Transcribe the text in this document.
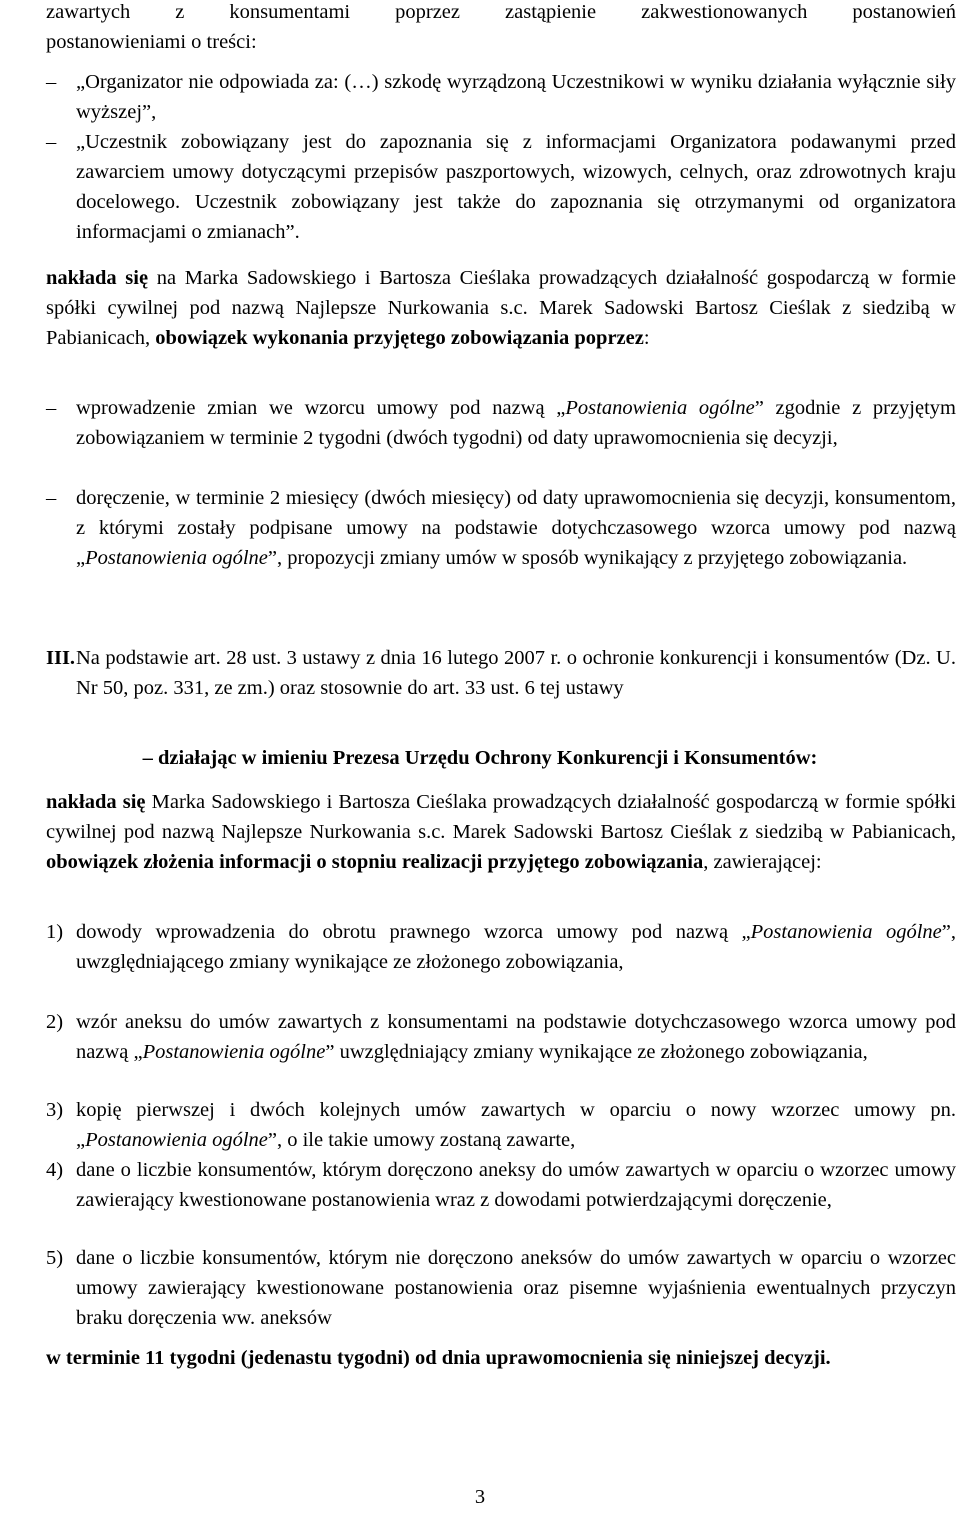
zawartych z konsumentami poprzez zastąpienie zakwestionowanych postanowień
postanowieniami o treści:
– „Organizator nie odpowiada za: (…) szkodę wyrządzoną Uczestnikowi w wyniku działania wyłącznie siły wyższej”,
– „Uczestnik zobowiązany jest do zapoznania się z informacjami Organizatora podawanymi przed zawarciem umowy dotyczącymi przepisów paszportowych, wizowych, celnych, oraz zdrowotnych kraju docelowego. Uczestnik zobowiązany jest także do zapoznania się otrzymanymi od organizatora informacjami o zmianach”.
nakłada się na Marka Sadowskiego i Bartosza Cieślaka prowadzących działalność gospodarczą w formie spółki cywilnej pod nazwą Najlepsze Nurkowania s.c. Marek Sadowski Bartosz Cieślak z siedzibą w Pabianicach, obowiązek wykonania przyjętego zobowiązania poprzez:
– wprowadzenie zmian we wzorcu umowy pod nazwą „Postanowienia ogólne” zgodnie z przyjętym zobowiązaniem w terminie 2 tygodni (dwóch tygodni) od daty uprawomocnienia się decyzji,
– doręczenie, w terminie 2 miesięcy (dwóch miesięcy) od daty uprawomocnienia się decyzji, konsumentom, z którymi zostały podpisane umowy na podstawie dotychczasowego wzorca umowy pod nazwą „Postanowienia ogólne”, propozycji zmiany umów w sposób wynikający z przyjętego zobowiązania.
III. Na podstawie art. 28 ust. 3 ustawy z dnia 16 lutego 2007 r. o ochronie konkurencji i konsumentów (Dz. U. Nr 50, poz. 331, ze zm.) oraz stosownie do art. 33 ust. 6 tej ustawy
– działając w imieniu Prezesa Urzędu Ochrony Konkurencji i Konsumentów:
nakłada się Marka Sadowskiego i Bartosza Cieślaka prowadzących działalność gospodarczą w formie spółki cywilnej pod nazwą Najlepsze Nurkowania s.c. Marek Sadowski Bartosz Cieślak z siedzibą w Pabianicach, obowiązek złożenia informacji o stopniu realizacji przyjętego zobowiązania, zawierającej:
1) dowody wprowadzenia do obrotu prawnego wzorca umowy pod nazwą „Postanowienia ogólne”, uwzględniającego zmiany wynikające ze złożonego zobowiązania,
2) wzór aneksu do umów zawartych z konsumentami na podstawie dotychczasowego wzorca umowy pod nazwą „Postanowienia ogólne” uwzględniający zmiany wynikające ze złożonego zobowiązania,
3) kopię pierwszej i dwóch kolejnych umów zawartych w oparciu o nowy wzorzec umowy pn. „Postanowienia ogólne”, o ile takie umowy zostaną zawarte,
4) dane o liczbie konsumentów, którym doręczono aneksy do umów zawartych w oparciu o wzorzec umowy zawierający kwestionowane postanowienia wraz z dowodami potwierdzającymi doręczenie,
5) dane o liczbie konsumentów, którym nie doręczono aneksów do umów zawartych w oparciu o wzorzec umowy zawierający kwestionowane postanowienia oraz pisemne wyjaśnienia ewentualnych przyczyn braku doręczenia ww. aneksów
w terminie 11 tygodni (jedenastu tygodni) od dnia uprawomocnienia się niniejszej decyzji.
3
